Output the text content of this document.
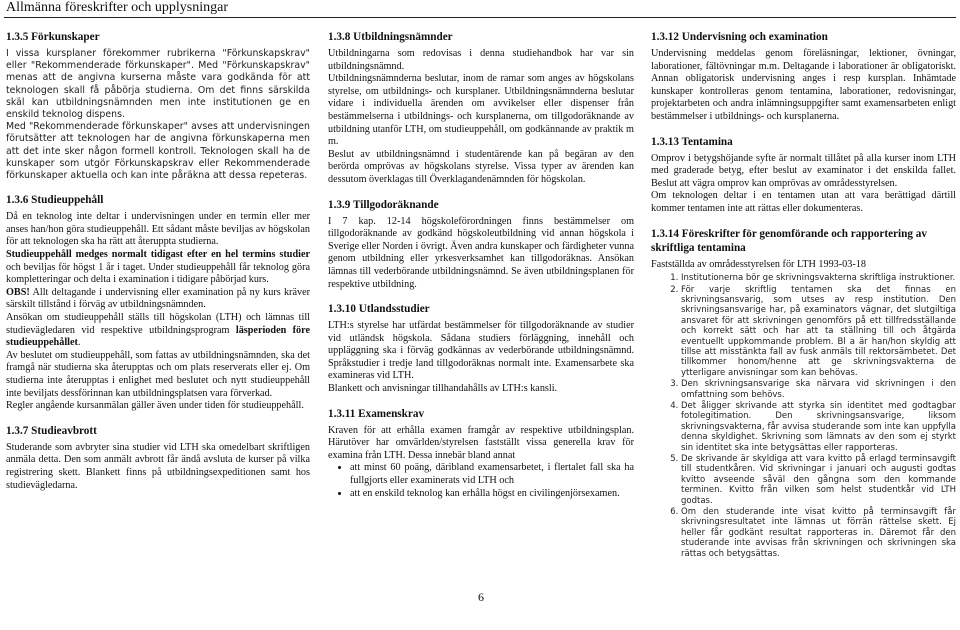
Allmänna föreskrifter och upplysningar
1.3.5 Förkunskaper

I vissa kursplaner förekommer rubrikerna "Förkunskapskrav" eller "Rekommenderade förkunskaper". Med "Förkunskapskrav" menas att de angivna kurserna måste vara godkända för att teknologen skall få påbörja studierna. Om det finns särskilda skäl kan utbildningsnämnden men inte institutionen ge en enskild teknolog dispens.

Med "Rekommenderade förkunskaper" avses att undervisningen förutsätter att teknologen har de angivna förkunskaperna men att det inte sker någon formell kontroll. Teknologen skall ha de kunskaper som utgör Förkunskapskrav eller Rekommenderade förkunskaper aktuella och kan inte påräkna att dessa repeteras.

1.3.6 Studieuppehåll

Då en teknolog inte deltar i undervisningen under en termin eller mer anses han/hon göra studieuppehåll. Ett sådant måste beviljas av högskolan för att teknologen ska ha rätt att återuppta studierna.

Studieuppehåll medges normalt tidigast efter en hel termins studier och beviljas för högst 1 år i taget. Under studieuppehåll får teknolog göra kompletteringar och delta i examination i tidigare påbörjad kurs.

OBS! Allt deltagande i undervisning eller examination på ny kurs kräver särskilt tillstånd i förväg av utbildningsnämnden.

Ansökan om studieuppehåll ställs till högskolan (LTH) och lämnas till studievägledaren vid respektive utbildningsprogram läsperioden före studieuppehållet.

Av beslutet om studieuppehåll, som fattas av utbildningsnämnden, ska det framgå när studierna ska återupptas och om plats reserverats eller ej. Om studierna inte återupptas i enlighet med beslutet och nytt studieuppehåll inte beviljats dessförinnan kan utbildningsplatsen vara förverkad.

Regler angående kursanmälan gäller även under tiden för studieuppehåll.

1.3.7 Studieavbrott

Studerande som avbryter sina studier vid LTH ska omedelbart skriftligen anmäla detta. Den som anmält avbrott får ändå avsluta de kurser på vilka registrering skett. Blankett finns på utbildningsexpeditionen samt hos studievägledarna.

1.3.8 Utbildningsnämnder

Utbildningarna som redovisas i denna studiehandbok har var sin utbildningsnämnd.

Utbildningsnämnderna beslutar, inom de ramar som anges av högskolans styrelse, om utbildnings- och kursplaner. Utbildningsnämnderna beslutar vidare i individuella ärenden om avvikelser eller dispenser från bestämmelserna i utbildnings- och kursplanerna, om tillgodoräknande av utbildning utanför LTH, om studieuppehåll, om godkännande av praktik m m.

Beslut av utbildningsnämnd i studentärende kan på begäran av den berörda omprövas av högskolans styrelse. Vissa typer av ärenden kan dessutom överklagas till Överklagandenämnden för högskolan.

1.3.9 Tillgodoräknande

I 7 kap. 12-14 högskoleförordningen finns bestämmelser om tillgodoräknande av godkänd högskoleutbildning vid annan högskola i Sverige eller Norden i övrigt. Även andra kunskaper och färdigheter vunna genom utbildning eller yrkesverksamhet kan tillgodoräknas. Ansökan lämnas till vederbörande utbildningsnämnd. Se även utbildningsplanen för respektive utbildning.

1.3.10 Utlandsstudier

LTH:s styrelse har utfärdat bestämmelser för tillgodoräknande av studier vid utländsk högskola. Sådana studiers förläggning, innehåll och uppläggning ska i förväg godkännas av vederbörande utbildningsnämnd. Språkstudier i tredje land tillgodoräknas normalt inte. Examensarbete ska examineras vid LTH.

Blankett och anvisningar tillhandahålls av LTH:s kansli.

1.3.11 Examenskrav

Kraven för att erhålla examen framgår av respektive utbildningsplan. Härutöver har omvärlden/styrelsen fastställt vissa generella krav för examina från LTH. Dessa innebär bland annat

• att minst 60 poäng, däribland examensarbetet, i flertalet fall ska ha fullgjorts eller examinerats vid LTH och
• att en enskild teknolog kan erhålla högst en civilingenjörsexamen.
1.3.12 Undervisning och examination

Undervisning meddelas genom föreläsningar, lektioner, övningar, laborationer, fältövningar m.m. Deltagande i laborationer är obligatoriskt. Annan obligatorisk undervisning anges i resp kursplan. Inhämtade kunskaper kontrolleras genom tentamina, laborationer, redovisningar, projektarbeten och andra inlämningsuppgifter samt examensarbeten enligt bestämmelser i utbildnings- och kursplanerna.

1.3.13 Tentamina

Omprov i betygshöjande syfte är normalt tillåtet på alla kurser inom LTH med graderade betyg, efter beslut av examinator i det enskilda fallet. Beslut att vägra omprov kan omprövas av områdesstyrelsen.

Om teknologen deltar i en tentamen utan att vara berättigad därtill kommer tentamen inte att rättas eller dokumenteras.

1.3.14 Föreskrifter för genomförande och rapportering av skriftliga tentamina

Fastställda av områdesstyrelsen för LTH 1993-03-18

1. Institutionerna bör ge skrivningsvakterna skriftliga instruktioner.
2. För varje skriftlig tentamen ska det finnas en skrivningsansvarig, som utses av resp institution. Den skrivningsansvarige har, på examinators vägnar, det slutgiltiga ansvaret för att skrivningen genomförs på ett tillfredsställande och korrekt sätt och har att ta ställning till och åtgärda eventuellt uppkommande problem. Bl a är han/hon skyldig att tillse att misstänkta fall av fusk anmäls till rektorsämbetet. Det tillkommer honom/henne att ge skrivningsvakterna de ytterligare anvisningar som kan behövas.
3. Den skrivningsansvarige ska närvara vid skrivningen i den omfattning som behövs.
4. Det åligger skrivande att styrka sin identitet med godtagbar fotolegitimation. Den skrivningsansvarige, liksom skrivningsvakterna, får avvisa studerande som inte kan uppfylla denna skyldighet. Skrivning som lämnats av den som ej styrkt sin identitet ska inte betygsättas eller rapporteras.
5. De skrivande är skyldiga att vara kvitto på erlagd terminsavgift till studentkåren. Vid skrivningar i januari och augusti godtas kvitto avseende såväl den gångna som den kommande terminen. Kvitto från vilken som helst studentkår vid LTH godtas.
6. Om den studerande inte visat kvitto på terminsavgift får skrivningsresultatet inte lämnas ut förrän rättelse skett. Ej heller får godkänt resultat rapporteras in. Däremot får den studerande inte avvisas från skrivningen och skrivningen ska rättas och betygsättas.
6
